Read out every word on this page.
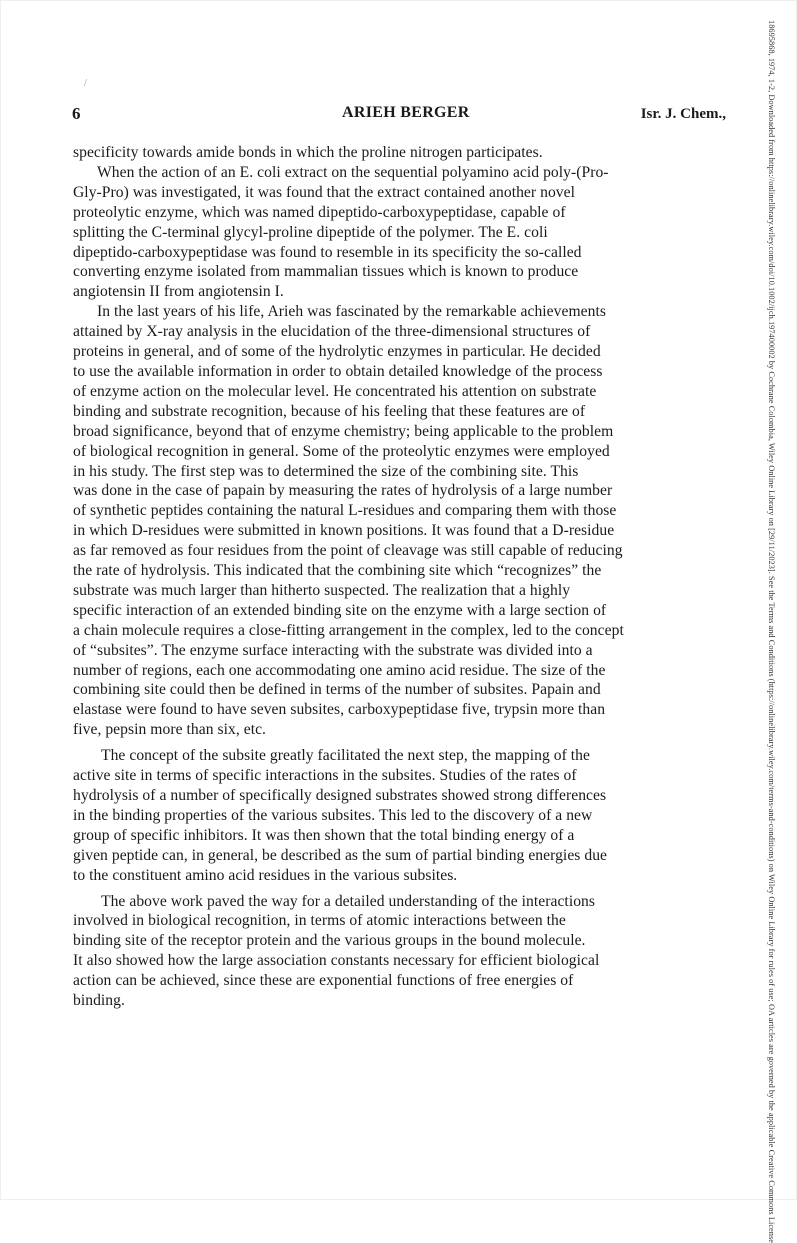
/
6	ARIEH BERGER	Isr. J. Chem.,
specificity towards amide bonds in which the proline nitrogen participates.
When the action of an E. coli extract on the sequential polyamino acid poly-(Pro-
Gly-Pro) was investigated, it was found that the extract contained another novel
proteolytic enzyme, which was named dipeptido-carboxypeptidase, capable of
splitting the C-terminal glycyl-proline dipeptide of the polymer. The E. coli
dipeptido-carboxypeptidase was found to resemble in its specificity the so-called
converting enzyme isolated from mammalian tissues which is known to produce
angiotensin II from angiotensin I.
In the last years of his life, Arieh was fascinated by the remarkable achievements
attained by X-ray analysis in the elucidation of the three-dimensional structures of
proteins in general, and of some of the hydrolytic enzymes in particular. He decided
to use the available information in order to obtain detailed knowledge of the process
of enzyme action on the molecular level. He concentrated his attention on substrate
binding and substrate recognition, because of his feeling that these features are of
broad significance, beyond that of enzyme chemistry; being applicable to the problem
of biological recognition in general. Some of the proteolytic enzymes were employed
in his study. The first step was to determined the size of the combining site. This
was done in the case of papain by measuring the rates of hydrolysis of a large number
of synthetic peptides containing the natural L-residues and comparing them with those
in which D-residues were submitted in known positions. It was found that a D-residue
as far removed as four residues from the point of cleavage was still capable of reducing
the rate of hydrolysis. This indicated that the combining site which “recognizes” the
substrate was much larger than hitherto suspected. The realization that a highly
specific interaction of an extended binding site on the enzyme with a large section of
a chain molecule requires a close-fitting arrangement in the complex, led to the concept
of “subsites”. The enzyme surface interacting with the substrate was divided into a
number of regions, each one accommodating one amino acid residue. The size of the
combining site could then be defined in terms of the number of subsites. Papain and
elastase were found to have seven subsites, carboxypeptidase five, trypsin more than
five, pepsin more than six, etc.
The concept of the subsite greatly facilitated the next step, the mapping of the
active site in terms of specific interactions in the subsites. Studies of the rates of
hydrolysis of a number of specifically designed substrates showed strong differences
in the binding properties of the various subsites. This led to the discovery of a new
group of specific inhibitors. It was then shown that the total binding energy of a
given peptide can, in general, be described as the sum of partial binding energies due
to the constituent amino acid residues in the various subsites.
The above work paved the way for a detailed understanding of the interactions
involved in biological recognition, in terms of atomic interactions between the
binding site of the receptor protein and the various groups in the bound molecule.
It also showed how the large association constants necessary for efficient biological
action can be achieved, since these are exponential functions of free energies of
binding.	18695868, 1974, 1-2, Downloaded from https://onlinelibrary.wiley.com/doi/10.1002/ijch.197400002 by Cochrane Colombia, Wiley Online Library on [29/11/2023]. See the Terms and Conditions (https://onlinelibrary.wiley.com/terms-and-conditions) on Wiley Online Library for rules of use; OA articles are governed by the applicable Creative Commons License
